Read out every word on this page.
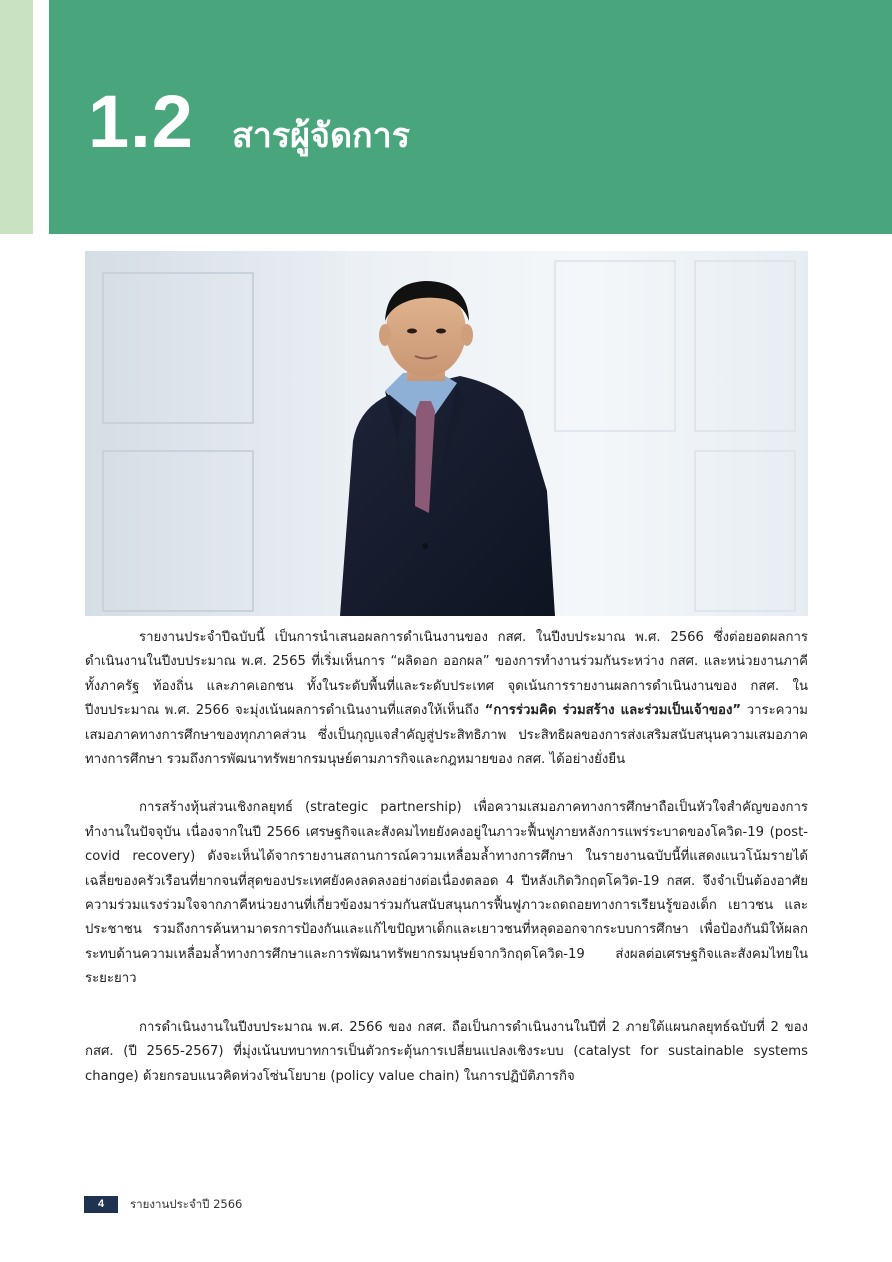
1.2 สารผู้จัดการ

รายงานประจำปีฉบับนี้ เป็นการนำเสนอผลการดำเนินงานของ กสศ. ในปีงบประมาณ พ.ศ. 2566 ซึ่งต่อยอดผลการดำเนินงานในปีงบประมาณ พ.ศ. 2565 ที่เริ่มเห็นการ “ผลิดอก ออกผล” ของการทำงานร่วมกันระหว่าง กสศ. และหน่วยงานภาคีทั้งภาครัฐ ท้องถิ่น และภาคเอกชน ทั้งในระดับพื้นที่และระดับประเทศ จุดเน้นการรายงานผลการดำเนินงานของ กสศ. ในปีงบประมาณ พ.ศ. 2566 จะมุ่งเน้นผลการดำเนินงานที่แสดงให้เห็นถึง “การร่วมคิด ร่วมสร้าง และร่วมเป็นเจ้าของ” วาระความเสมอภาคทางการศึกษาของทุกภาคส่วน ซึ่งเป็นกุญแจสำคัญสู่ประสิทธิภาพ ประสิทธิผลของการส่งเสริมสนับสนุนความเสมอภาคทางการศึกษา รวมถึงการพัฒนาทรัพยากรมนุษย์ตามภารกิจและกฎหมายของ กสศ. ได้อย่างยั่งยืน

การสร้างหุ้นส่วนเชิงกลยุทธ์ (strategic partnership) เพื่อความเสมอภาคทางการศึกษาถือเป็นหัวใจสำคัญของการทำงานในปัจจุบัน เนื่องจากในปี 2566 เศรษฐกิจและสังคมไทยยังคงอยู่ในภาวะฟื้นฟูภายหลังการแพร่ระบาดของโควิด-19 (post-covid recovery) ดังจะเห็นได้จากรายงานสถานการณ์ความเหลื่อมล้ำทางการศึกษา ในรายงานฉบับนี้ที่แสดงแนวโน้มรายได้เฉลี่ยของครัวเรือนที่ยากจนที่สุดของประเทศยังคงลดลงอย่างต่อเนื่องตลอด 4 ปีหลังเกิดวิกฤตโควิด-19 กสศ. จึงจำเป็นต้องอาศัยความร่วมแรงร่วมใจจากภาคีหน่วยงานที่เกี่ยวข้องมาร่วมกันสนับสนุนการฟื้นฟูภาวะถดถอยทางการเรียนรู้ของเด็ก เยาวชน และประชาชน รวมถึงการค้นหามาตรการป้องกันและแก้ไขปัญหาเด็กและเยาวชนที่หลุดออกจากระบบการศึกษา เพื่อป้องกันมิให้ผลกระทบด้านความเหลื่อมล้ำทางการศึกษาและการพัฒนาทรัพยากรมนุษย์จากวิกฤตโควิด-19 ส่งผลต่อเศรษฐกิจและสังคมไทยในระยะยาว

การดำเนินงานในปีงบประมาณ พ.ศ. 2566 ของ กสศ. ถือเป็นการดำเนินงานในปีที่ 2 ภายใต้แผนกลยุทธ์ฉบับที่ 2 ของ กสศ. (ปี 2565-2567) ที่มุ่งเน้นบทบาทการเป็นตัวกระตุ้นการเปลี่ยนแปลงเชิงระบบ (catalyst for sustainable systems change) ด้วยกรอบแนวคิดห่วงโซ่นโยบาย (policy value chain) ในการปฏิบัติภารกิจ

4	รายงานประจำปี 2566
